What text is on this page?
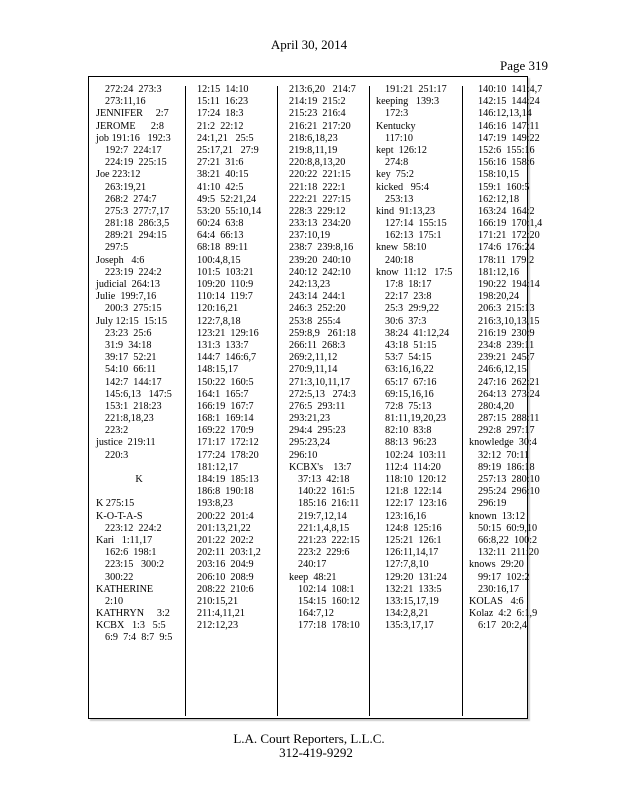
April 30, 2014
Page 319
272:24  273:3
273:11,16
JENNIFER     2:7
JEROME      2:8
job 191:16   192:3
192:7  224:17
224:19  225:15
Joe 223:12
263:19,21
268:2  274:7
275:3  277:7,17
281:18  286:3,5
289:21  294:15
297:5
Joseph   4:6
223:19  224:2
judicial  264:13
Julie  199:7,16
200:3  275:15
July 12:15  15:15
23:23  25:6
31:9  34:18
39:17  52:21
54:10  66:11
142:7  144:17
145:6,13   147:5
153:1  218:23
221:8,18,23
223:2
justice  219:11
220:3
K
K 275:15
K-O-T-A-S
223:12  224:2
Kari   1:11,17
162:6  198:1
223:15   300:2
300:22
KATHERINE
2:10
KATHRYN     3:2
KCBX   1:3   5:5
6:9  7:4  8:7  9:5
12:15  14:10
15:11  16:23
17:24  18:3
21:2  22:12
24:1,21   25:5
25:17,21   27:9
27:21  31:6
38:21  40:15
41:10  42:5
49:5  52:21,24
53:20  55:10,14
60:24  63:8
64:4  66:13
68:18  89:11
100:4,8,15
101:5  103:21
109:20  110:9
110:14  119:7
120:16,21
122:7,8,18
123:21  129:16
131:3  133:7
144:7  146:6,7
148:15,17
150:22  160:5
164:1  165:7
166:19  167:7
168:1  169:14
169:22  170:9
171:17  172:12
177:24  178:20
181:12,17
184:19  185:13
186:8  190:18
193:8,23
200:22  201:4
201:13,21,22
201:22  202:2
202:11  203:1,2
203:16  204:9
206:10  208:9
208:22  210:6
210:15,21
211:4,11,21
212:12,23
213:6,20   214:7
214:19  215:2
215:23  216:4
216:21  217:20
218:6,18,23
219:8,11,19
220:8,8,13,20
220:22  221:15
221:18  222:1
222:21  227:15
228:3  229:12
233:13  234:20
237:10,19
238:7  239:8,16
239:20  240:10
240:12  242:10
242:13,23
243:14  244:1
246:3  252:20
253:8  255:4
259:8,9   261:18
266:11  268:3
269:2,11,12
270:9,11,14
271:3,10,11,17
272:5,13   274:3
276:5  293:11
293:21,23
294:4  295:23
295:23,24
296:10
KCBX's    13:7
37:13  42:18
140:22  161:5
185:16  216:11
219:7,12,14
221:1,4,8,15
221:23  222:15
223:2  229:6
240:17
keep  48:21
102:14  108:1
154:15  160:12
164:7,12
177:18  178:10
191:21  251:17
keeping   139:3
172:3
Kentucky
117:10
kept  126:12
274:8
key  75:2
kicked   95:4
253:13
kind  91:13,23
127:14  155:15
162:13  175:1
knew  58:10
240:18
know  11:12   17:5
17:8  18:17
22:17  23:8
25:3  29:9,22
30:6  37:3
38:24  41:12,24
43:18  51:15
53:7  54:15
63:16,16,22
65:17  67:16
69:15,16,16
72:8  75:13
81:11,19,20,23
82:10  83:8
88:13  96:23
102:24  103:11
112:4  114:20
118:10  120:12
121:8  122:14
122:17  123:16
123:16,16
124:8  125:16
125:21  126:1
126:11,14,17
127:7,8,10
129:20  131:24
132:21  133:5
133:15,17,19
134:2,8,21
135:3,17,17
140:10  141:4,7
142:15  144:24
146:12,13,14
146:16  147:11
147:19  149:22
152:6  155:16
156:16  158:6
158:10,15
159:1  160:5
162:12,18
163:24  164:2
166:19  170:1,4
171:21  172:20
174:6  176:24
178:11  179:2
181:12,16
190:22  194:14
198:20,24
206:3  215:13
216:3,10,13,15
216:19  230:9
234:8  239:11
239:21  245:7
246:6,12,15
247:16  262:21
264:13  273:24
280:4,20
287:15  288:11
292:8  297:17
knowledge  30:4
32:12  70:11
89:19  186:18
257:13  280:10
295:24  296:10
296:19
known  13:12
50:15  60:9,10
66:8,22  100:2
132:11  211:20
knows  29:20
99:17  102:2
230:16,17
KOLAS   4:6
Kolaz  4:2  6:1,9
6:17  20:2,4
L.A. Court Reporters, L.L.C.

312-419-9292
